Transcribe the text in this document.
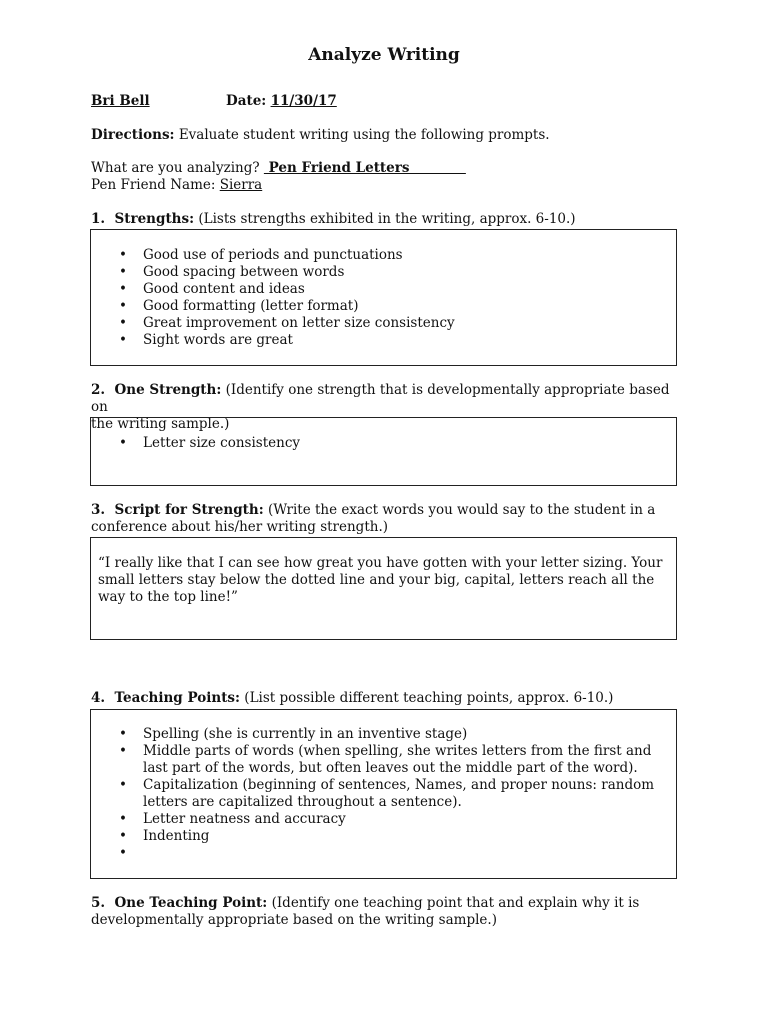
Analyze Writing
Bri Bell	Date: 11/30/17
Directions: Evaluate student writing using the following prompts.
What are you analyzing?  Pen Friend Letters
Pen Friend Name: Sierra
1.  Strengths: (Lists strengths exhibited in the writing, approx. 6-10.)
• Good use of periods and punctuations
• Good spacing between words
• Good content and ideas
• Good formatting (letter format)
• Great improvement on letter size consistency
• Sight words are great
2.  One Strength: (Identify one strength that is developmentally appropriate based on
the writing sample.)
• Letter size consistency
3.  Script for Strength: (Write the exact words you would say to the student in a
conference about his/her writing strength.)
“I really like that I can see how great you have gotten with your letter sizing. Your
small letters stay below the dotted line and your big, capital, letters reach all the
way to the top line!”
4.  Teaching Points: (List possible different teaching points, approx. 6-10.)
• Spelling (she is currently in an inventive stage)
• Middle parts of words (when spelling, she writes letters from the first and
last part of the words, but often leaves out the middle part of the word).
• Capitalization (beginning of sentences, Names, and proper nouns: random
letters are capitalized throughout a sentence).
• Letter neatness and accuracy
• Indenting
•
5.  One Teaching Point: (Identify one teaching point that and explain why it is
developmentally appropriate based on the writing sample.)
